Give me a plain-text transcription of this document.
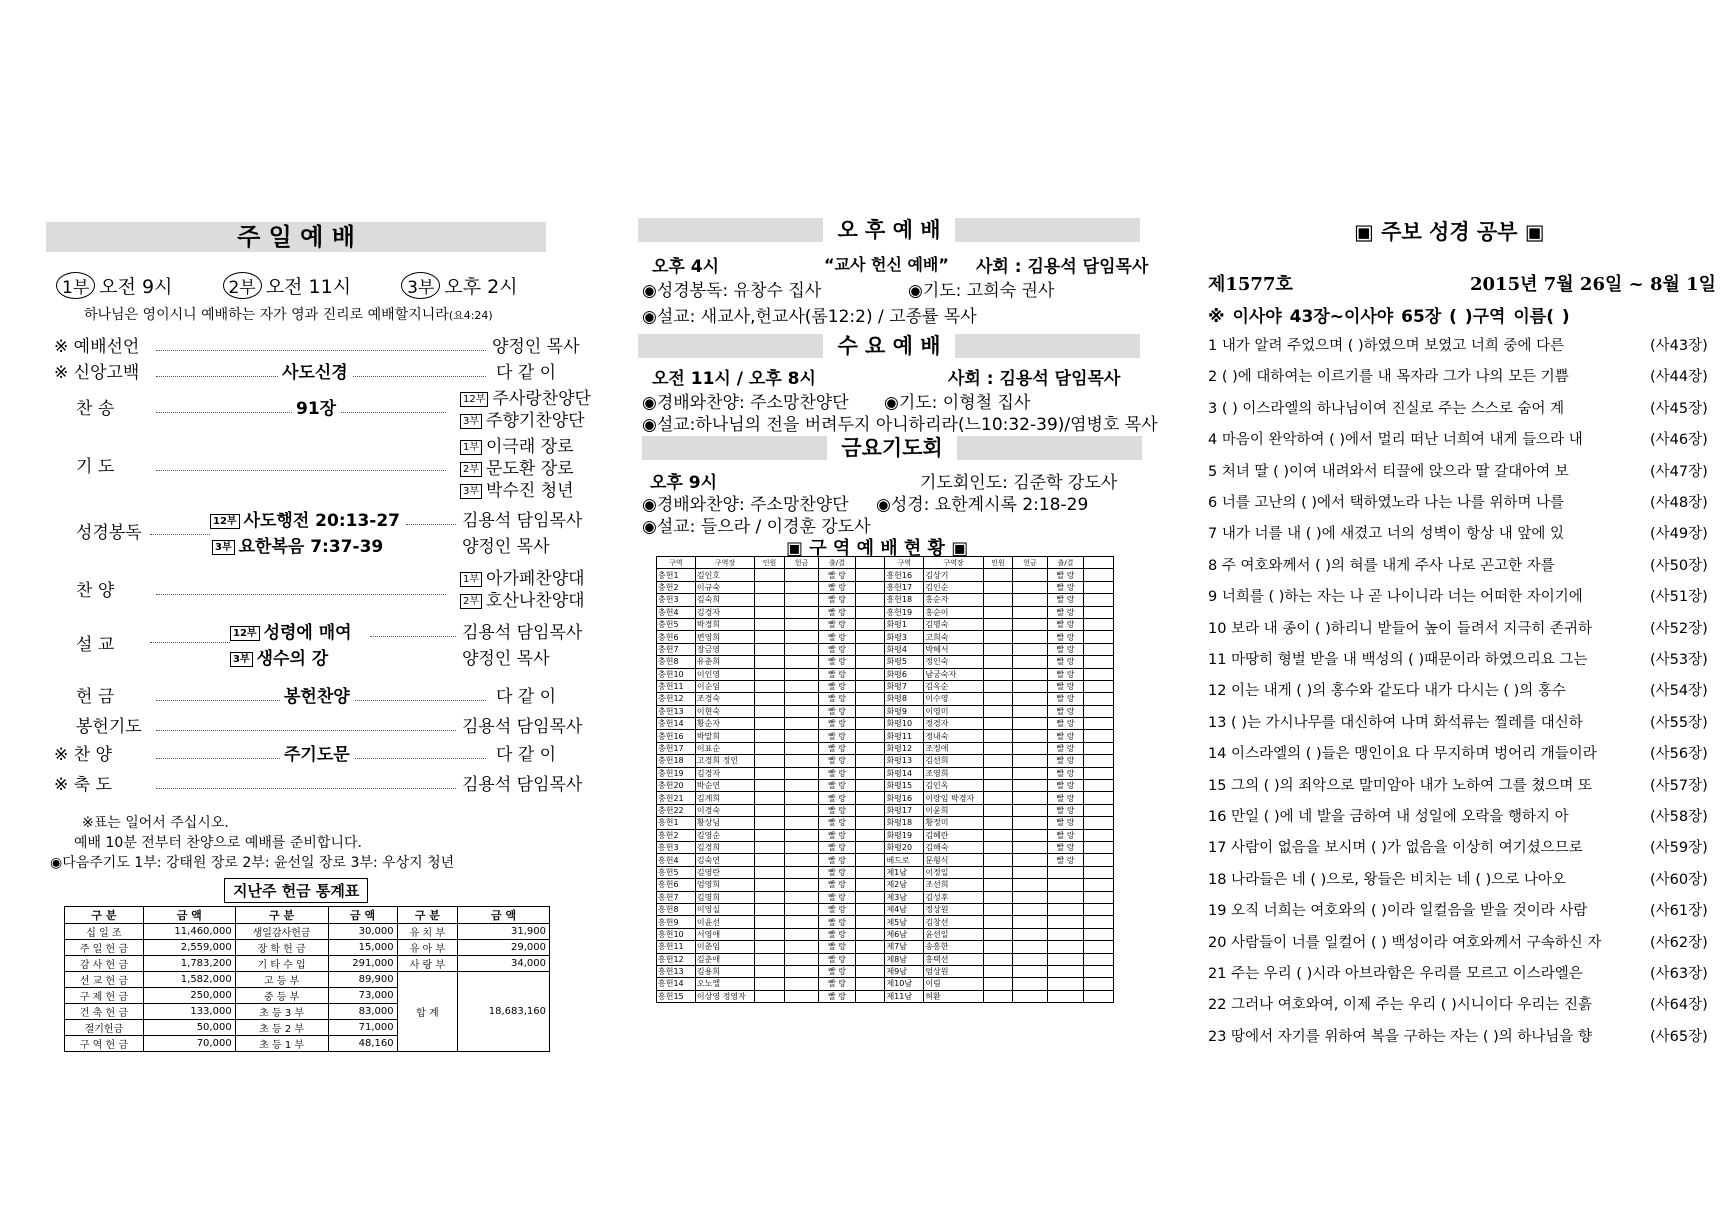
주 일 예 배
1부 오전 9시	2부 오전 11시	3부 오후 2시
하나님은 영이시니 예배하는 자가 영과 진리로 예배할지니라(요4:24)
※ 예배선언	양정인 목사
※ 신앙고백	사도신경	다 같 이
찬 송	91장	12부 주사랑찬양단
3부 주향기찬양단
기 도
1부 이극래 장로
2부 문도환 장로
3부 박수진 청년
성경봉독
12부 사도행전 20:13-27	김용석 담임목사
3부 요한복음 7:37-39	양정인 목사
찬 양
1부 아가페찬양대
2부 호산나찬양대
설 교
12부 성령에 매여	김용석 담임목사
3부 생수의 강	양정인 목사
헌 금	봉헌찬양	다 같 이
봉헌기도	김용석 담임목사
※ 찬 양	주기도문	다 같 이
※ 축 도	김용석 담임목사
※표는 일어서 주십시오.
예배 10분 전부터 찬양으로 예배를 준비합니다.
◉다음주기도 1부: 강태원 장로 2부: 윤선일 장로 3부: 우상지 청년
지난주 헌금 통계표
구 분	금 액	구 분	금 액	구 분	금 액
십 일 조	11,460,000	생일감사헌금	30,000	유 치 부	31,900
주 일 헌 금	2,559,000	장 학 헌 금	15,000	유 아 부	29,000
감 사 헌 금	1,783,200	기 타 수 입	291,000	사 랑 부	34,000
선 교 헌 금	1,582,000	고 등 부	89,900	합 계	18,683,160
구 제 헌 금	250,000	중 등 부	73,000		
건 축 헌 금	133,000	초 등 3 부	83,000		
절기헌금	50,000	초 등 2 부	71,000		
구 역 헌 금	70,000	초 등 1 부	48,160		
오 후 예 배
오후 4시	“교사 헌신 예배” 사회 : 김용석 담임목사
◉성경봉독: 유창수 집사	◉기도: 고희숙 권사
◉설교: 새교사,헌교사(롬12:2) / 고종률 목사
수 요 예 배
오전 11시 / 오후 8시	사회 : 김용석 담임목사
◉경배와찬양: 주소망찬양단 ◉기도: 이형철 집사
◉설교:하나님의 전을 버려두지 아니하리라(느10:32-39)/염병호 목사
금요기도회
오후 9시	기도회인도: 김준학 강도사
◉경배와찬양: 주소망찬양단 ◉성경: 요한계시록 2:18-29
◉설교: 들으라 / 이경훈 강도사
▣ 구 역 예 배 현 황 ▣
구역	구역장	인원	헌금	출/결		구역	구역장	인원	헌금	출/결	
충헌1	김인호			빨 랑		흥헌16	김상기			빨 랑	
충헌2	이규숙			빨 랑		흥헌17	김인순			빨 랑	
충헌3	김숙희			빨 랑		흥헌18	홍순자			빨 랑	
충헌4	김경자			빨 랑		흥헌19	홍순이			빨 랑	
충헌5	박경희			빨 랑		화평1	김명숙			빨 랑	
충헌6	변영희			빨 랑		화평3	고희숙			빨 랑	
충헌7	장금영			빨 랑		화평4	박혜서			빨 랑	
충헌8	유춘희			빨 랑		화평5	정인숙			빨 랑	
충헌10	이인영			빨 랑		화평6	남궁숙자			빨 랑	
충헌11	이순임			빨 랑		화평7	김옥순			빨 랑	
충헌12	조경숙			빨 랑		화평8	이수영			빨 랑	
충헌13	이현숙			빨 랑		화평9	이영미			빨 랑	
충헌14	황순자			빨 랑		화평10	정경자			빨 랑	
충헌16	박말희			빨 랑		화평11	정내숙			빨 랑	
충헌17	이표순			빨 랑		화평12	조정애			빨 랑	
충헌18	고경희 정인			빨 랑		화평13	김선희			빨 랑	
충헌19	김경자			빨 랑		화평14	조영희			빨 랑	
충헌20	박순연			빨 랑		화평15	김인옥			빨 랑	
충헌21	김계희			빨 랑		화평16	이랑임 박경자			빨 랑	
충헌22	이경숙			빨 랑		화평17	이윤희			빨 랑	
흥헌1	황상님			빨 랑		화평18	황정미			빨 랑	
흥헌2	김영순			빨 랑		화평19	김혜란			빨 랑	
흥헌3	김경희			빨 랑		화평20	김해숙			빨 랑	
흥헌4	김숙연			빨 랑		베드로	문형식			빨 랑	
흥헌5	김영란			빨 랑		제1남	이정일				
흥헌6	엄영희			빨 랑		제2남	조선희				
흥헌7	김명희			빨 랑		제3남	김성후				
흥헌8	이영실			빨 랑		제4남	정상원				
흥헌9	이윤선			빨 랑		제5남	김창선				
흥헌10	서영애			빨 랑		제6남	윤선일				
흥헌11	이춘임			빨 랑		제7남	송흥한				
흥헌12	김춘애			빨 랑		제8남	홍택선				
흥헌13	김용희			빨 랑		제9남	엄상원				
흥헌14	오노엘			빨 랑		제10남	이림				
흥헌15	이상영 정영자			빨 랑		제11남	허환				
▣ 주보 성경 공부 ▣
제1577호	2015년 7월 26일 ~ 8월 1일
※ 이사야 43장~이사야 65장 ( )구역 이름( )
1 내가 알려 주었으며 ( )하였으며 보였고 너희 중에 다른	(사43장)
2 ( )에 대하여는 이르기를 내 목자라 그가 나의 모든 기쁨	(사44장)
3 ( ) 이스라엘의 하나님이여 진실로 주는 스스로 숨어 계	(사45장)
4 마음이 완악하여 ( )에서 멀리 떠난 너희여 내게 들으라 내	(사46장)
5 처녀 딸 ( )이여 내려와서 티끌에 앉으라 딸 갈대아여 보	(사47장)
6 너를 고난의 ( )에서 택하였노라 나는 나를 위하며 나를	(사48장)
7 내가 너를 내 ( )에 새겼고 너의 성벽이 항상 내 앞에 있	(사49장)
8 주 여호와께서 ( )의 혀를 내게 주사 나로 곤고한 자를	(사50장)
9 너희를 ( )하는 자는 나 곧 나이니라 너는 어떠한 자이기에	(사51장)
10 보라 내 종이 ( )하리니 받들어 높이 들려서 지극히 존귀하	(사52장)
11 마땅히 형벌 받을 내 백성의 ( )때문이라 하였으리요 그는	(사53장)
12 이는 내게 ( )의 홍수와 같도다 내가 다시는 ( )의 홍수	(사54장)
13 ( )는 가시나무를 대신하여 나며 화석류는 찔레를 대신하	(사55장)
14 이스라엘의 ( )들은 맹인이요 다 무지하며 벙어리 개들이라	(사56장)
15 그의 ( )의 죄악으로 말미암아 내가 노하여 그를 쳤으며 또	(사57장)
16 만일 ( )에 네 발을 금하여 내 성일에 오락을 행하지 아	(사58장)
17 사람이 없음을 보시며 ( )가 없음을 이상히 여기셨으므로	(사59장)
18 나라들은 네 ( )으로, 왕들은 비치는 네 ( )으로 나아오	(사60장)
19 오직 너희는 여호와의 ( )이라 일컬음을 받을 것이라 사람	(사61장)
20 사람들이 너를 일컬어 ( ) 백성이라 여호와께서 구속하신 자	(사62장)
21 주는 우리 ( )시라 아브라함은 우리를 모르고 이스라엘은	(사63장)
22 그러나 여호와여, 이제 주는 우리 ( )시니이다 우리는 진흙	(사64장)
23 땅에서 자기를 위하여 복을 구하는 자는 ( )의 하나님을 향	(사65장)
